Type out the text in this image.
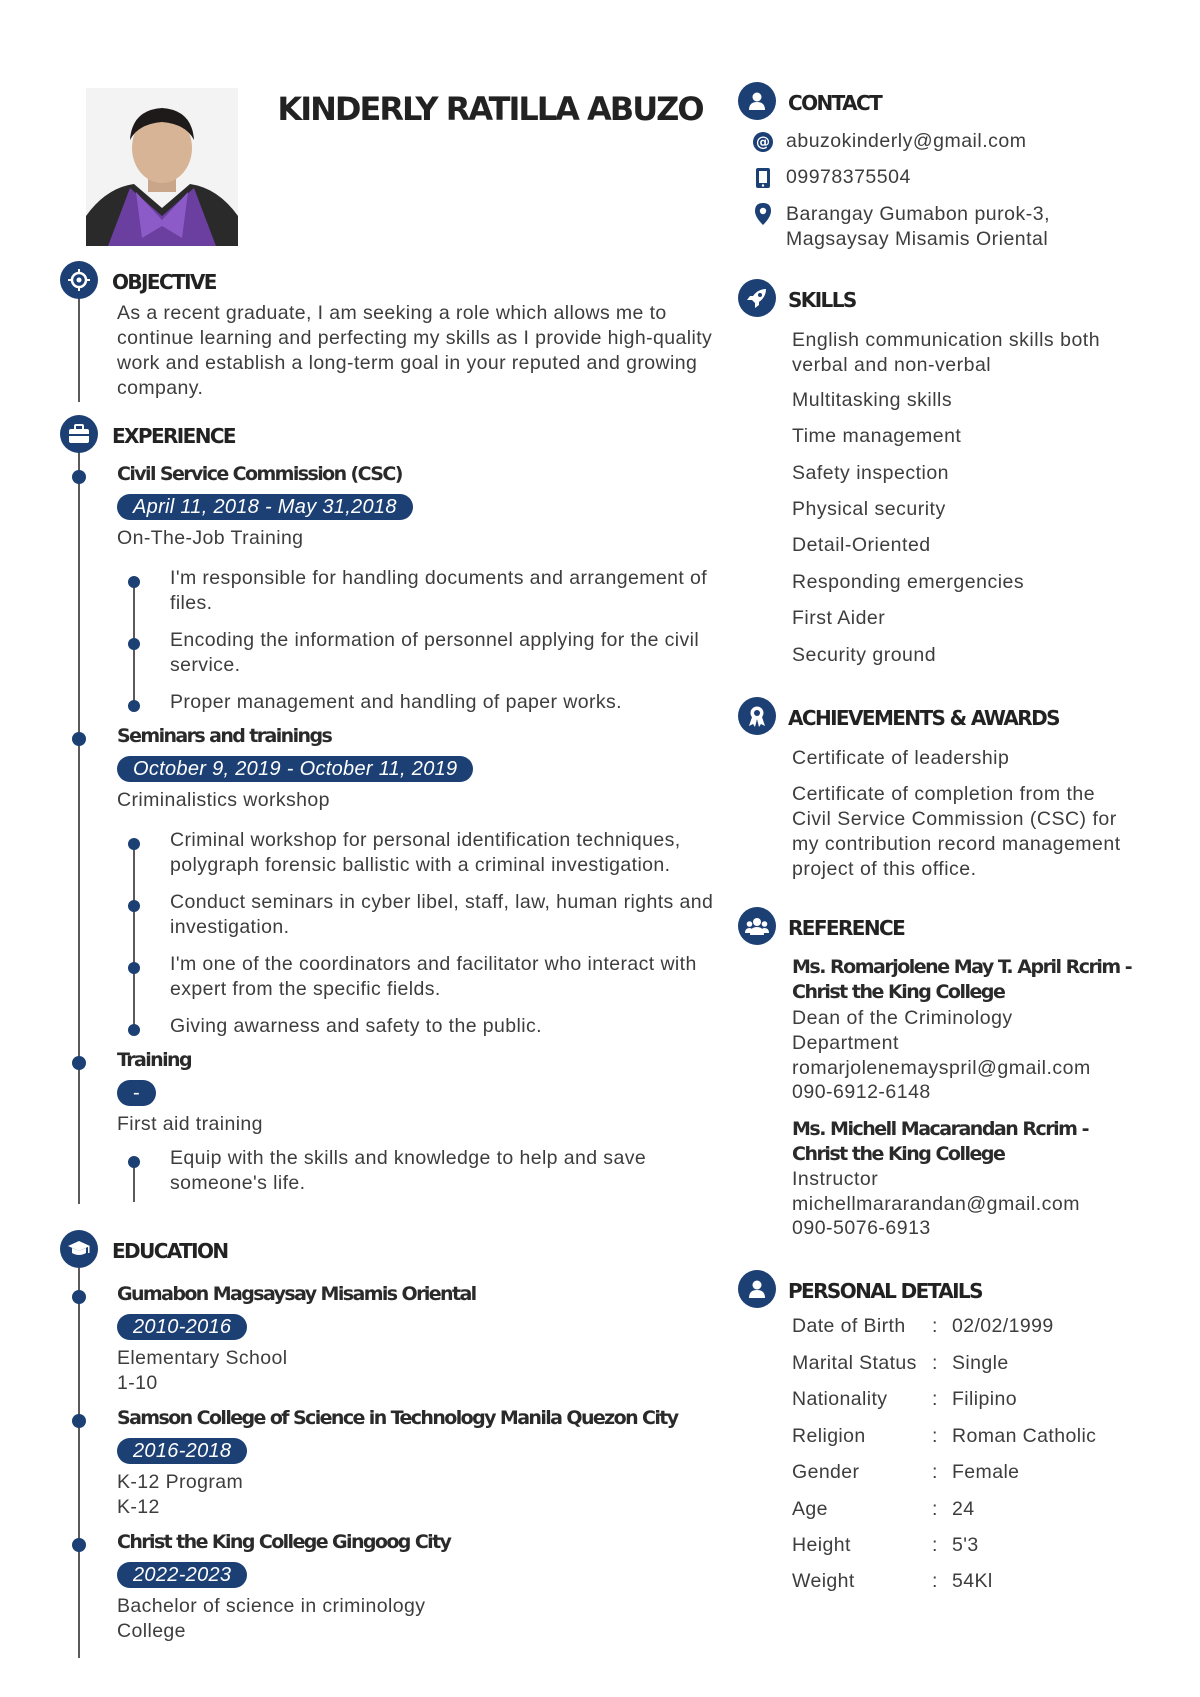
KINDERLY RATILLA ABUZO
OBJECTIVE
As a recent graduate, I am seeking a role which allows me to continue learning and perfecting my skills as I provide high-quality work and establish a long-term goal in your reputed and growing company.
EXPERIENCE
Civil Service Commission (CSC)
April 11, 2018 - May 31,2018
On-The-Job Training
I'm responsible for handling documents and arrangement of files.
Encoding the information of personnel applying for the civil service.
Proper management and handling of paper works.
Seminars and trainings
October 9, 2019 - October 11, 2019
Criminalistics workshop
Criminal workshop for personal identification techniques, polygraph forensic ballistic with a criminal investigation.
Conduct seminars in cyber libel, staff, law, human rights and investigation.
I'm one of the coordinators and facilitator who interact with expert from the specific fields.
Giving awarness and safety to the public.
Training
-
First aid training
Equip with the skills and knowledge to help and save someone's life.
EDUCATION
Gumabon Magsaysay Misamis Oriental
2010-2016
Elementary School
1-10
Samson College of Science in Technology Manila Quezon City
2016-2018
K-12 Program
K-12
Christ the King College Gingoog City
2022-2023
Bachelor of science in criminology
College
CONTACT
@ abuzokinderly@gmail.com
09978375504
Barangay Gumabon purok-3,
Magsaysay Misamis Oriental
SKILLS
English communication skills both verbal and non-verbal
Multitasking skills
Time management
Safety inspection
Physical security
Detail-Oriented
Responding emergencies
First Aider
Security ground
ACHIEVEMENTS & AWARDS
Certificate of leadership
Certificate of completion from the Civil Service Commission (CSC) for my contribution record management project of this office.
REFERENCE
Ms. Romarjolene May T. April Rcrim - Christ the King College
Dean of the Criminology Department
romarjolenemayspril@gmail.com
090-6912-6148
Ms. Michell Macarandan Rcrim - Christ the King College
Instructor
michellmararandan@gmail.com
090-5076-6913
PERSONAL DETAILS
Date of Birth : 02/02/1999
Marital Status : Single
Nationality : Filipino
Religion	: Roman Catholic
Gender	: Female
Age	: 24
Height	: 5'3
Weight	: 54Kl
